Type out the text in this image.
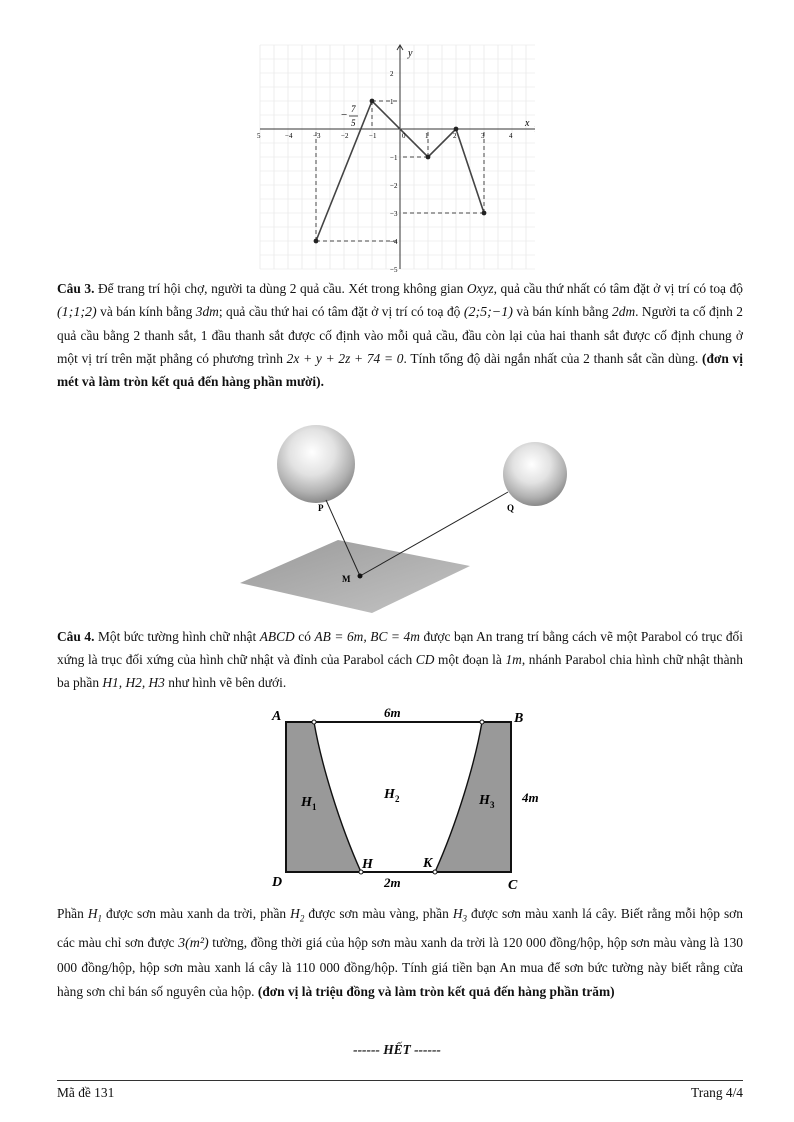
5	−4	−3	−2	−1	0	1	2	3	4
2
1
−1
−2
−3
−4
−5
y
x
− 7
5
Câu 3. Để trang trí hội chợ, người ta dùng 2 quả cầu. Xét trong không gian Oxyz, quả cầu thứ nhất có tâm đặt ở vị trí có toạ độ (1;1;2) và bán kính bằng 3dm; quả cầu thứ hai có tâm đặt ở vị trí có toạ độ (2;5;−1) và bán kính bằng 2dm. Người ta cố định 2 quả cầu bằng 2 thanh sắt, 1 đầu thanh sắt được cố định vào mỗi quả cầu, đầu còn lại của hai thanh sắt được cố định chung ở một vị trí trên mặt phẳng có phương trình 2x + y + 2z + 74 = 0. Tính tổng độ dài ngắn nhất của 2 thanh sắt cần dùng. (đơn vị mét và làm tròn kết quả đến hàng phần mười).
P	Q
M
Câu 4. Một bức tường hình chữ nhật ABCD có AB = 6m, BC = 4m được bạn An trang trí bằng cách vẽ một Parabol có trục đối xứng là trục đối xứng của hình chữ nhật và đỉnh của Parabol cách CD một đoạn là 1m, nhánh Parabol chia hình chữ nhật thành ba phần H1, H2, H3 như hình vẽ bên dưới.
A	B
C
D
H	K
6m
4m
2m
H 1
H 2	H 3
Phần $H_1$ được sơn màu xanh da trời, phần $H_2$ được sơn màu vàng, phần $H_3$ được sơn màu xanh lá cây. Biết rằng mỗi hộp sơn các màu chỉ sơn được 3(m²) tường, đồng thời giá của hộp sơn màu xanh da trời là 120 000 đồng/hộp, hộp sơn màu vàng là 130 000 đồng/hộp, hộp sơn màu xanh lá cây là 110 000 đồng/hộp. Tính giá tiền bạn An mua để sơn bức tường này biết rằng cửa hàng sơn chỉ bán số nguyên của hộp. (đơn vị là triệu đồng và làm tròn kết quả đến hàng phần trăm)
------ HẾT ------
Mã đề 131	Trang 4/4
